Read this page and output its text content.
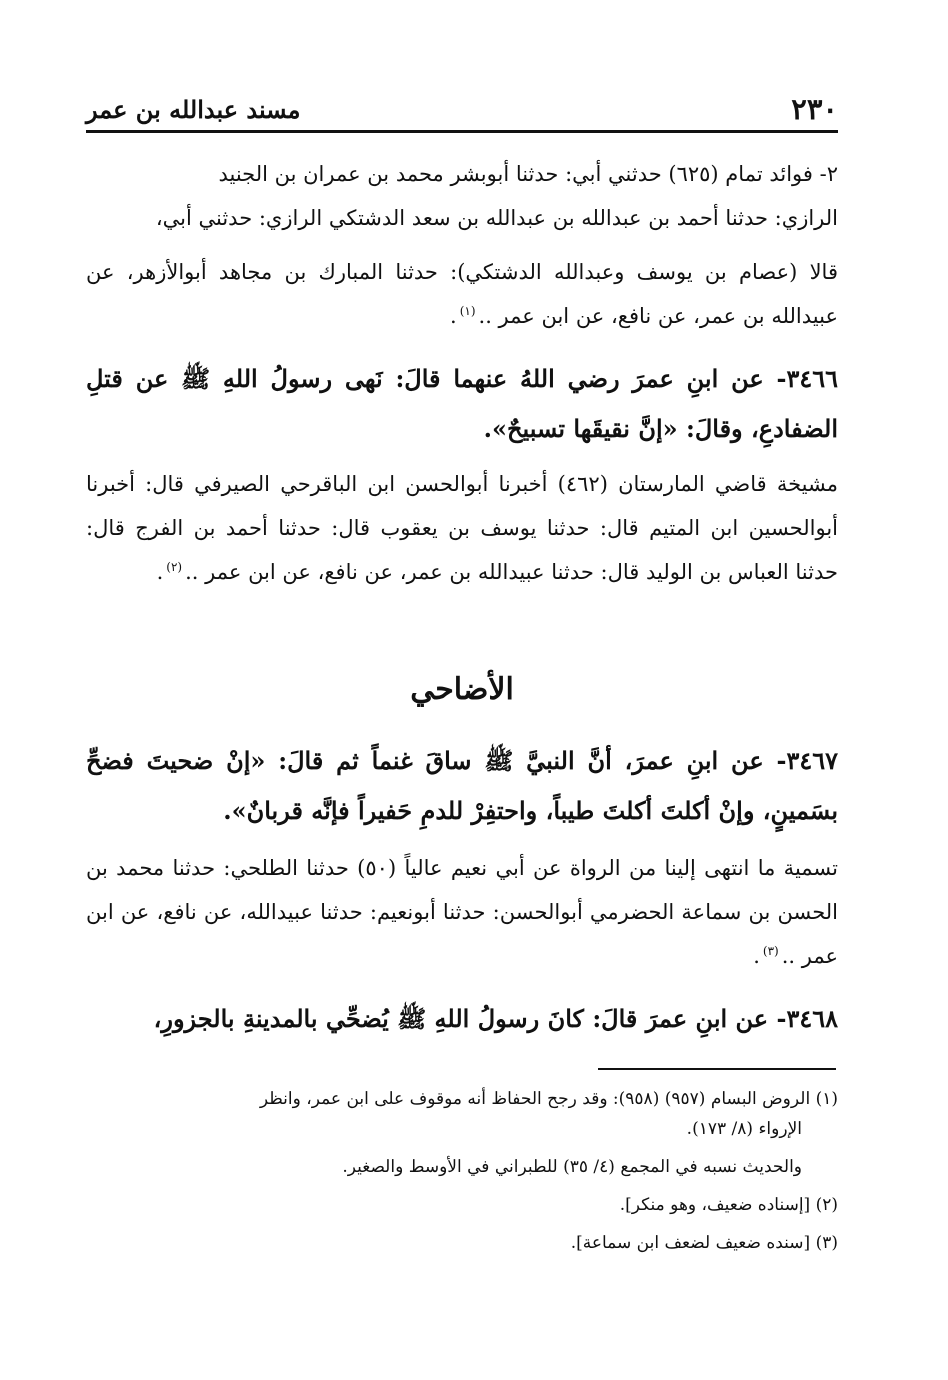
٢٣٠
مسند عبدالله بن عمر
٢- فوائد تمام (٦٢٥) حدثني أبي: حدثنا أبوبشر محمد بن عمران بن الجنيد
الرازي: حدثنا أحمد بن عبدالله بن عبدالله بن سعد الدشتكي الرازي: حدثني أبي،
قالا (عصام بن يوسف وعبدالله الدشتكي): حدثنا المبارك بن مجاهد أبوالأزهر، عن عبيدالله بن عمر، عن نافع، عن ابن عمر ..$^{(١)}$.
٣٤٦٦- عن ابنِ عمرَ رضي اللهُ عنهما قالَ: نَهى رسولُ اللهِ ﷺ عن قتلِ الضفادعِ، وقالَ: «إنَّ نقيقَها تسبيحٌ».
مشيخة قاضي المارستان (٤٦٢) أخبرنا أبوالحسن ابن الباقرحي الصيرفي قال: أخبرنا أبوالحسين ابن المتيم قال: حدثنا يوسف بن يعقوب قال: حدثنا أحمد بن الفرج قال: حدثنا العباس بن الوليد قال: حدثنا عبيدالله بن عمر، عن نافع، عن ابن عمر ..$^{(٢)}$.
الأضاحي
٣٤٦٧- عن ابنِ عمرَ، أنَّ النبيَّ ﷺ ساقَ غنماً ثم قالَ: «إنْ ضحيتَ فضحِّ بسَمينٍ، وإنْ أكلتَ أكلتَ طيباً، واحتفِرْ للدمِ حَفيراً فإنَّه قربانٌ».
تسمية ما انتهى إلينا من الرواة عن أبي نعيم عالياً (٥٠) حدثنا الطلحي: حدثنا محمد بن الحسن بن سماعة الحضرمي أبوالحسن: حدثنا أبونعيم: حدثنا عبيدالله، عن نافع، عن ابن عمر ..$^{(٣)}$.
٣٤٦٨- عن ابنِ عمرَ قالَ: كانَ رسولُ اللهِ ﷺ يُضحِّي بالمدينةِ بالجزورِ،

(١) الروض البسام (٩٥٧) (٩٥٨): وقد رجح الحفاظ أنه موقوف على ابن عمر، وانظر

الإرواء (٨/ ١٧٣).

والحديث نسبه في المجمع (٤/ ٣٥) للطبراني في الأوسط والصغير.

(٢) [إسناده ضعيف، وهو منكر].

(٣) [سنده ضعيف لضعف ابن سماعة].
